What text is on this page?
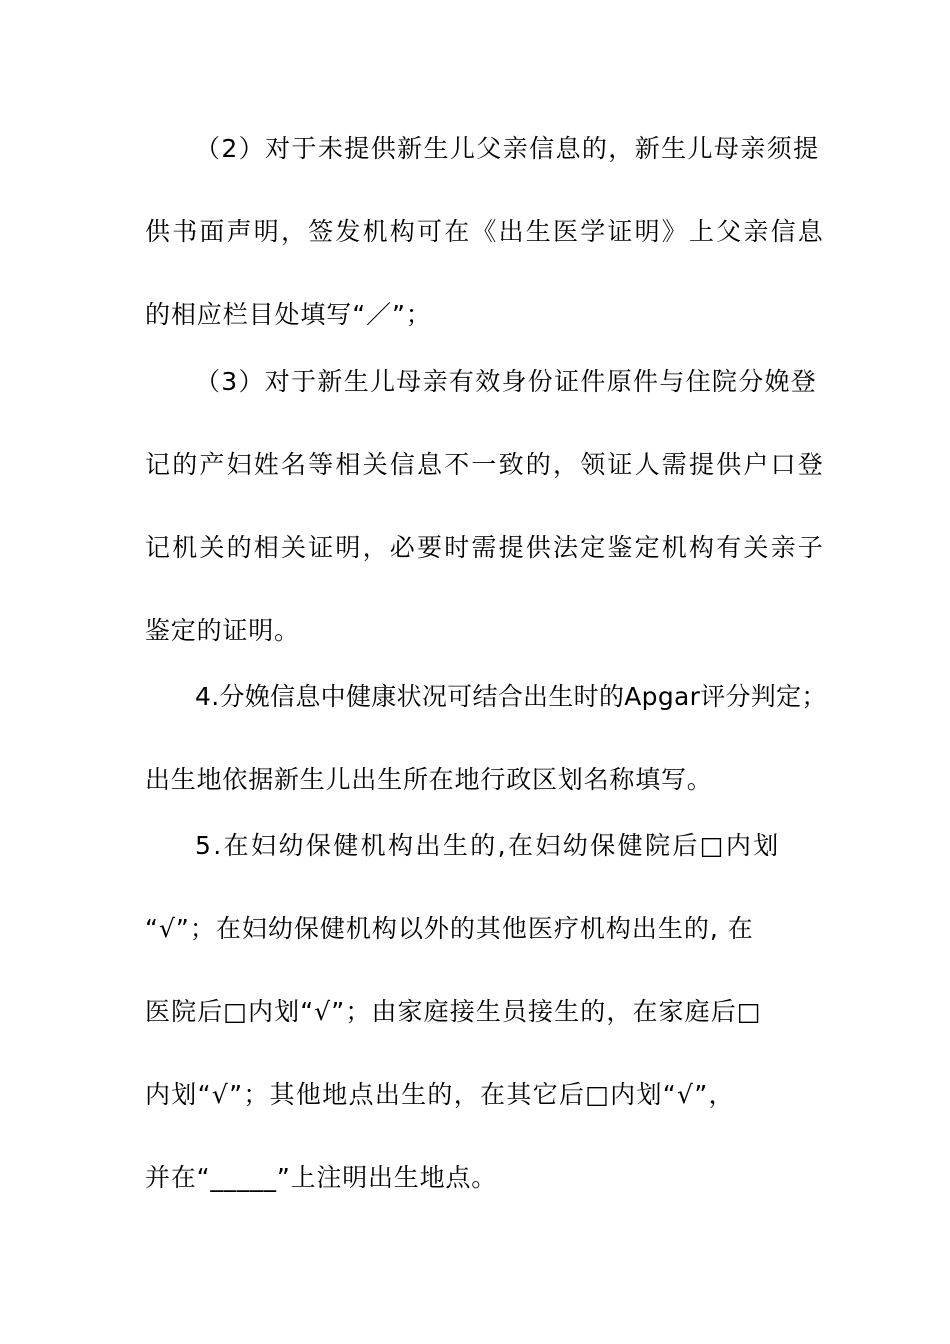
（2）对于未提供新生儿父亲信息的，新生儿母亲须提
供书面声明，签发机构可在《出生医学证明》上父亲信息
的相应栏目处填写“／”；
（3）对于新生儿母亲有效身份证件原件与住院分娩登
记的产妇姓名等相关信息不一致的，领证人需提供户口登
记机关的相关证明，必要时需提供法定鉴定机构有关亲子
鉴定的证明。
4.分娩信息中健康状况可结合出生时的Apgar评分判定；
出生地依据新生儿出生所在地行政区划名称填写。
5.在妇幼保健机构出生的,在妇幼保健院后□内划
“√”；在妇幼保健机构以外的其他医疗机构出生的, 在
医院后□内划“√”；由家庭接生员接生的，在家庭后□
内划“√”；其他地点出生的，在其它后□内划“√”，
并在“_____”上注明出生地点。
